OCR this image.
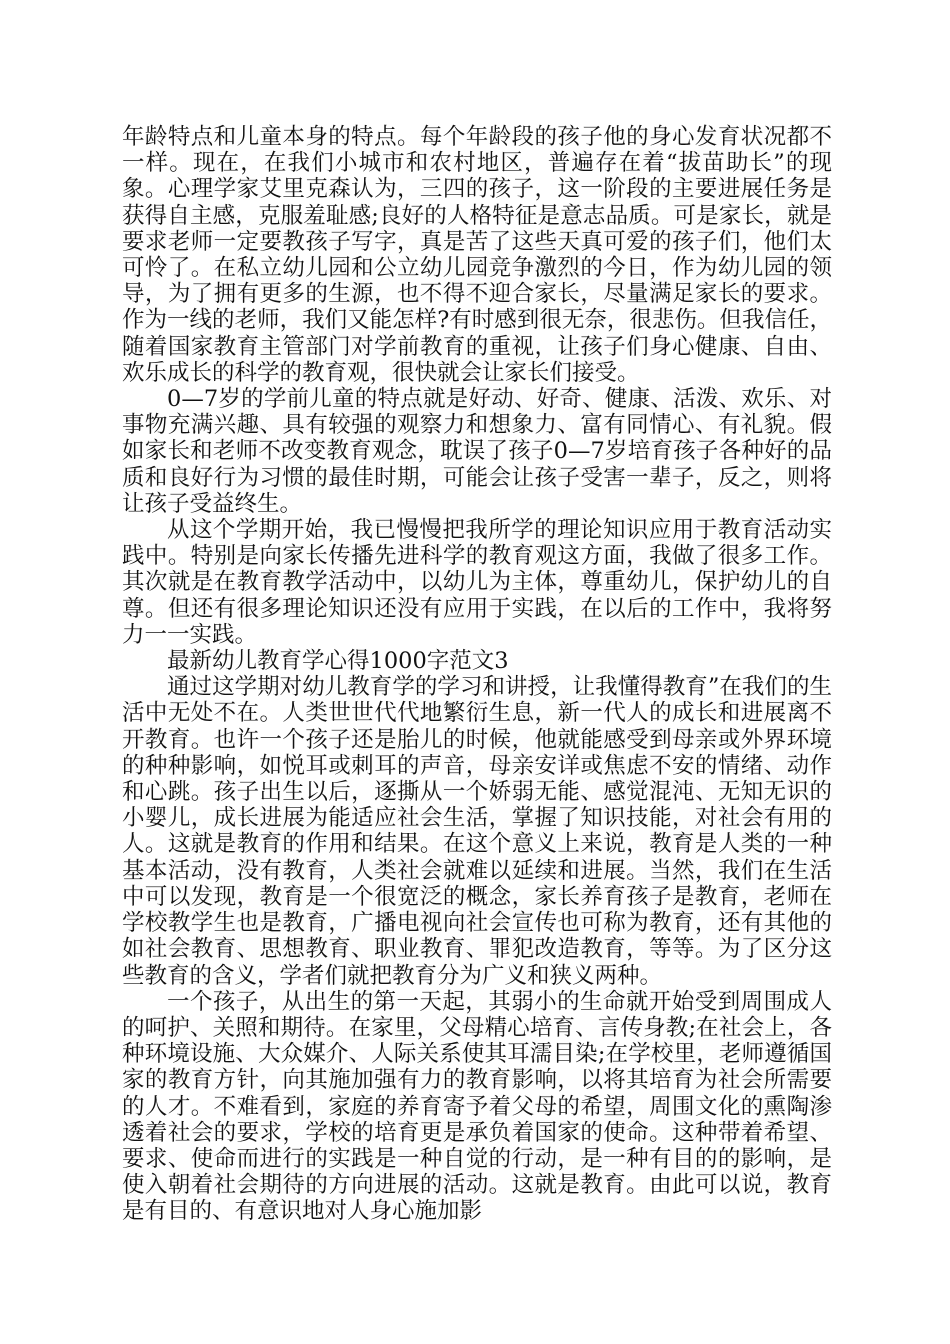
年龄特点和儿童本身的特点。每个年龄段的孩子他的身心发育状况都不一样。现在，在我们小城市和农村地区，普遍存在着“拔苗助长”的现象。心理学家艾里克森认为，三四的孩子，这一阶段的主要进展任务是获得自主感，克服羞耻感;良好的人格特征是意志品质。可是家长，就是要求老师一定要教孩子写字，真是苦了这些天真可爱的孩子们，他们太可怜了。在私立幼儿园和公立幼儿园竞争激烈的今日，作为幼儿园的领导，为了拥有更多的生源，也不得不迎合家长，尽量满足家长的要求。作为一线的老师，我们又能怎样?有时感到很无奈，很悲伤。但我信任，随着国家教育主管部门对学前教育的重视，让孩子们身心健康、自由、欢乐成长的科学的教育观，很快就会让家长们接受。

0—7岁的学前儿童的特点就是好动、好奇、健康、活泼、欢乐、对事物充满兴趣、具有较强的观察力和想象力、富有同情心、有礼貌。假如家长和老师不改变教育观念，耽误了孩子0—7岁培育孩子各种好的品质和良好行为习惯的最佳时期，可能会让孩子受害一辈子，反之，则将让孩子受益终生。

从这个学期开始，我已慢慢把我所学的理论知识应用于教育活动实践中。特别是向家长传播先进科学的教育观这方面，我做了很多工作。其次就是在教育教学活动中，以幼儿为主体，尊重幼儿，保护幼儿的自尊。但还有很多理论知识还没有应用于实践，在以后的工作中，我将努力一一实践。

最新幼儿教育学心得1000字范文3

通过这学期对幼儿教育学的学习和讲授，让我懂得教育”在我们的生活中无处不在。人类世世代代地繁衍生息，新一代人的成长和进展离不开教育。也许一个孩子还是胎儿的时候，他就能感受到母亲或外界环境的种种影响，如悦耳或刺耳的声音，母亲安详或焦虑不安的情绪、动作和心跳。孩子出生以后，逐撕从一个娇弱无能、感觉混沌、无知无识的小婴儿，成长进展为能适应社会生活，掌握了知识技能，对社会有用的人。这就是教育的作用和结果。在这个意义上来说，教育是人类的一种基本活动，没有教育，人类社会就难以延续和进展。当然，我们在生活中可以发现，教育是一个很宽泛的概念，家长养育孩子是教育，老师在学校教学生也是教育，广播电视向社会宣传也可称为教育，还有其他的如社会教育、思想教育、职业教育、罪犯改造教育，等等。为了区分这些教育的含义，学者们就把教育分为广义和狭义两种。

一个孩子，从出生的第一天起，其弱小的生命就开始受到周围成人的呵护、关照和期待。在家里，父母精心培育、言传身教;在社会上，各种环境设施、大众媒介、人际关系使其耳濡目染;在学校里，老师遵循国家的教育方针，向其施加强有力的教育影响，以将其培育为社会所需要的人才。不难看到，家庭的养育寄予着父母的希望，周围文化的熏陶渗透着社会的要求，学校的培育更是承负着国家的使命。这种带着希望、要求、使命而进行的实践是一种自觉的行动，是一种有目的的影响，是使入朝着社会期待的方向进展的活动。这就是教育。由此可以说，教育是有目的、有意识地对人身心施加影
